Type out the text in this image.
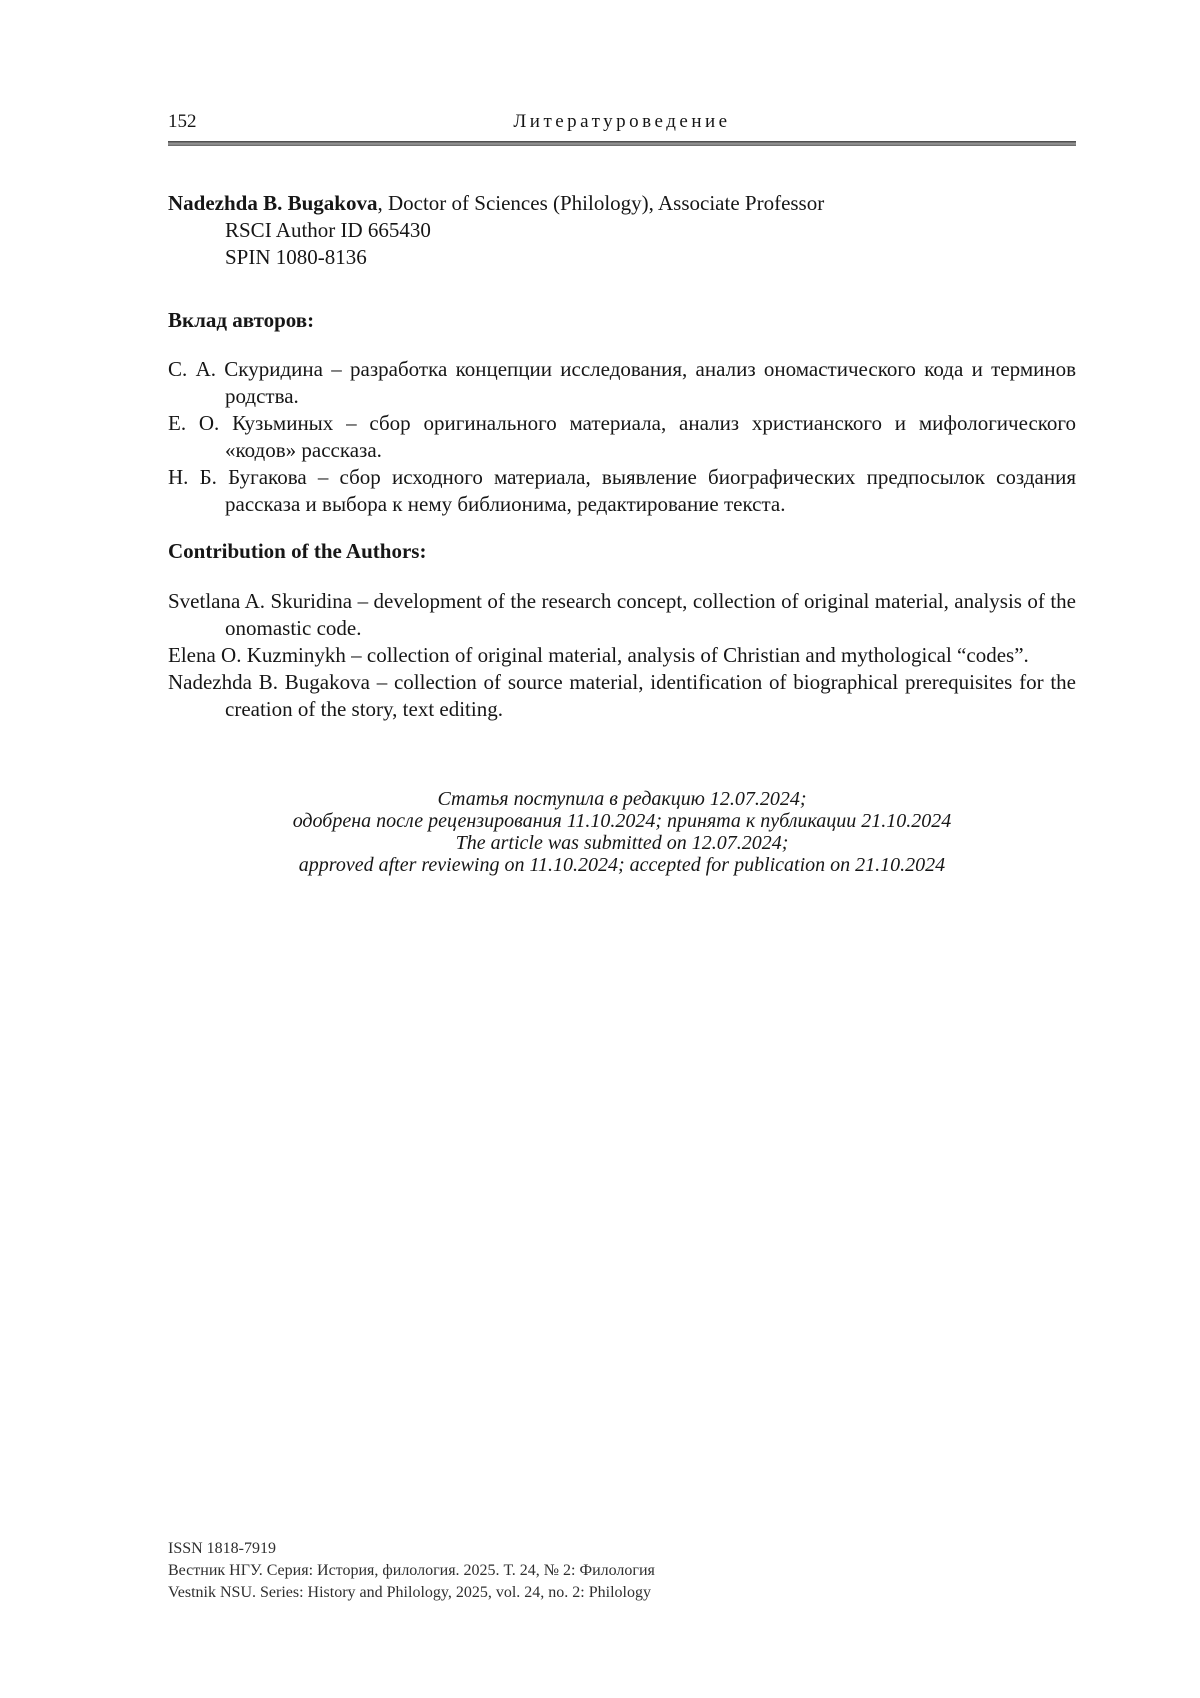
152	Литературоведение
Nadezhda B. Bugakova, Doctor of Sciences (Philology), Associate Professor
RSCI Author ID 665430
SPIN 1080-8136
Вклад авторов:
С. А. Скуридина – разработка концепции исследования, анализ ономастического кода и терминов родства.
Е. О. Кузьминых – сбор оригинального материала, анализ христианского и мифологического «кодов» рассказа.
Н. Б. Бугакова – сбор исходного материала, выявление биографических предпосылок создания рассказа и выбора к нему библионима, редактирование текста.
Contribution of the Authors:
Svetlana A. Skuridina – development of the research concept, collection of original material, analysis of the onomastic code.
Elena O. Kuzminykh – collection of original material, analysis of Christian and mythological “codes”.
Nadezhda B. Bugakova – collection of source material, identification of biographical prerequisites for the creation of the story, text editing.
Статья поступила в редакцию 12.07.2024;
одобрена после рецензирования 11.10.2024; принята к публикации 21.10.2024
The article was submitted on 12.07.2024;
approved after reviewing on 11.10.2024; accepted for publication on 21.10.2024
ISSN 1818-7919
Вестник НГУ. Серия: История, филология. 2025. Т. 24, № 2: Филология
Vestnik NSU. Series: History and Philology, 2025, vol. 24, no. 2: Philology
